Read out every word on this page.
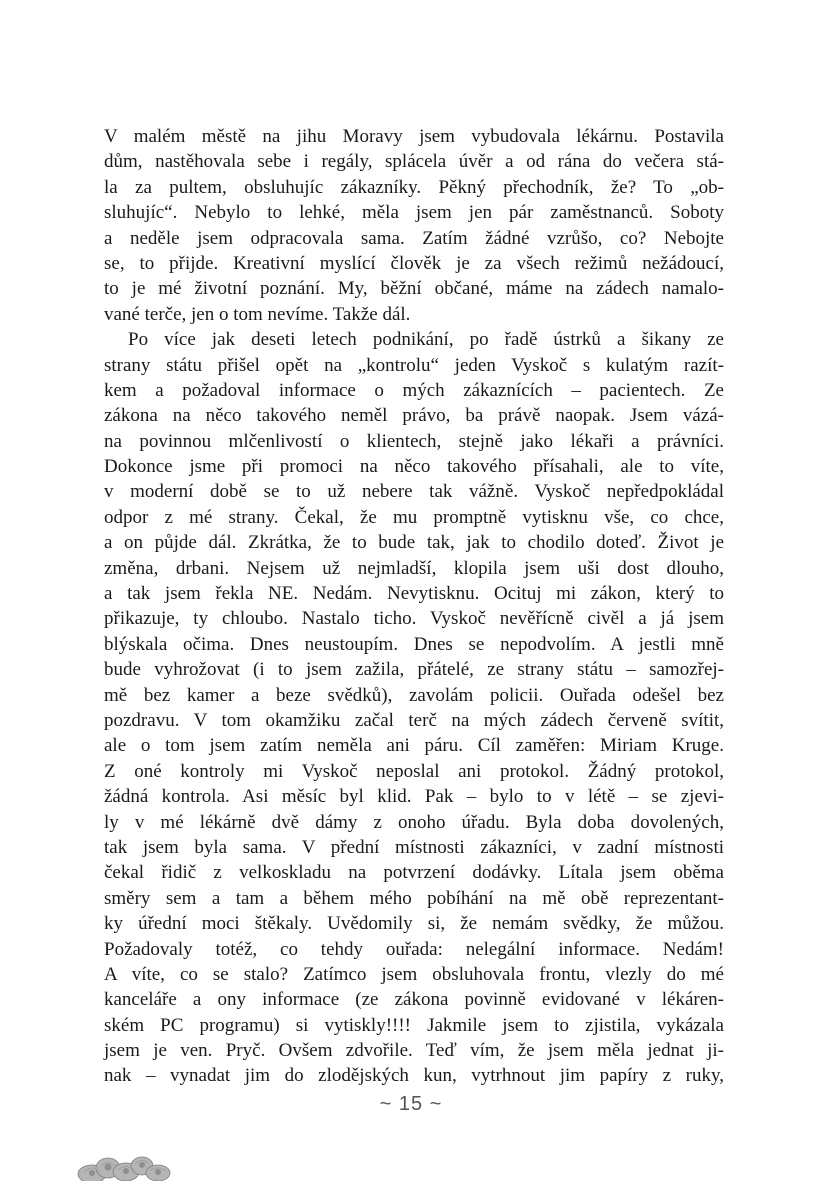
V malém městě na jihu Moravy jsem vybudovala lékárnu. Postavila
dům, nastěhovala sebe i regály, splácela úvěr a od rána do večera stá-
la za pultem, obsluhujíc zákazníky. Pěkný přechodník, že? To „ob-
sluhujíc“. Nebylo to lehké, měla jsem jen pár zaměstnanců. Soboty
a neděle jsem odpracovala sama. Zatím žádné vzrůšo, co? Nebojte
se, to přijde. Kreativní myslící člověk je za všech režimů nežádoucí,
to je mé životní poznání. My, běžní občané, máme na zádech namalo-
vané terče, jen o tom nevíme. Takže dál.
Po více jak deseti letech podnikání, po řadě ústrků a šikany ze
strany státu přišel opět na „kontrolu“ jeden Vyskoč s kulatým razít-
kem a požadoval informace o mých zákaznících – pacientech. Ze
zákona na něco takového neměl právo, ba právě naopak. Jsem vázá-
na povinnou mlčenlivostí o klientech, stejně jako lékaři a právníci.
Dokonce jsme při promoci na něco takového přísahali, ale to víte,
v moderní době se to už nebere tak vážně. Vyskoč nepředpokládal
odpor z mé strany. Čekal, že mu promptně vytisknu vše, co chce,
a on půjde dál. Zkrátka, že to bude tak, jak to chodilo doteď. Život je
změna, drbani. Nejsem už nejmladší, klopila jsem uši dost dlouho,
a tak jsem řekla NE. Nedám. Nevytisknu. Ocituj mi zákon, který to
přikazuje, ty chloubo. Nastalo ticho. Vyskoč nevěřícně civěl a já jsem
blýskala očima. Dnes neustoupím. Dnes se nepodvolím. A jestli mně
bude vyhrožovat (i to jsem zažila, přátelé, ze strany státu – samozřej-
mě bez kamer a beze svědků), zavolám policii. Ouřada odešel bez
pozdravu. V tom okamžiku začal terč na mých zádech červeně svítit,
ale o tom jsem zatím neměla ani páru. Cíl zaměřen: Miriam Kruge.
Z oné kontroly mi Vyskoč neposlal ani protokol. Žádný protokol,
žádná kontrola. Asi měsíc byl klid. Pak – bylo to v létě – se zjevi-
ly v mé lékárně dvě dámy z onoho úřadu. Byla doba dovolených,
tak jsem byla sama. V přední místnosti zákazníci, v zadní místnosti
čekal řidič z velkoskladu na potvrzení dodávky. Lítala jsem oběma
směry sem a tam a během mého pobíhání na mě obě reprezentant-
ky úřední moci štěkaly. Uvědomily si, že nemám svědky, že můžou.
Požadovaly totéž, co tehdy ouřada: nelegální informace. Nedám!
A víte, co se stalo? Zatímco jsem obsluhovala frontu, vlezly do mé
kanceláře a ony informace (ze zákona povinně evidované v lékáren-
ském PC programu) si vytiskly!!!! Jakmile jsem to zjistila, vykázala
jsem je ven. Pryč. Ovšem zdvořile. Teď vím, že jsem měla jednat ji-
nak – vynadat jim do zlodějských kun, vytrhnout jim papíry z ruky,
~ 15 ~
